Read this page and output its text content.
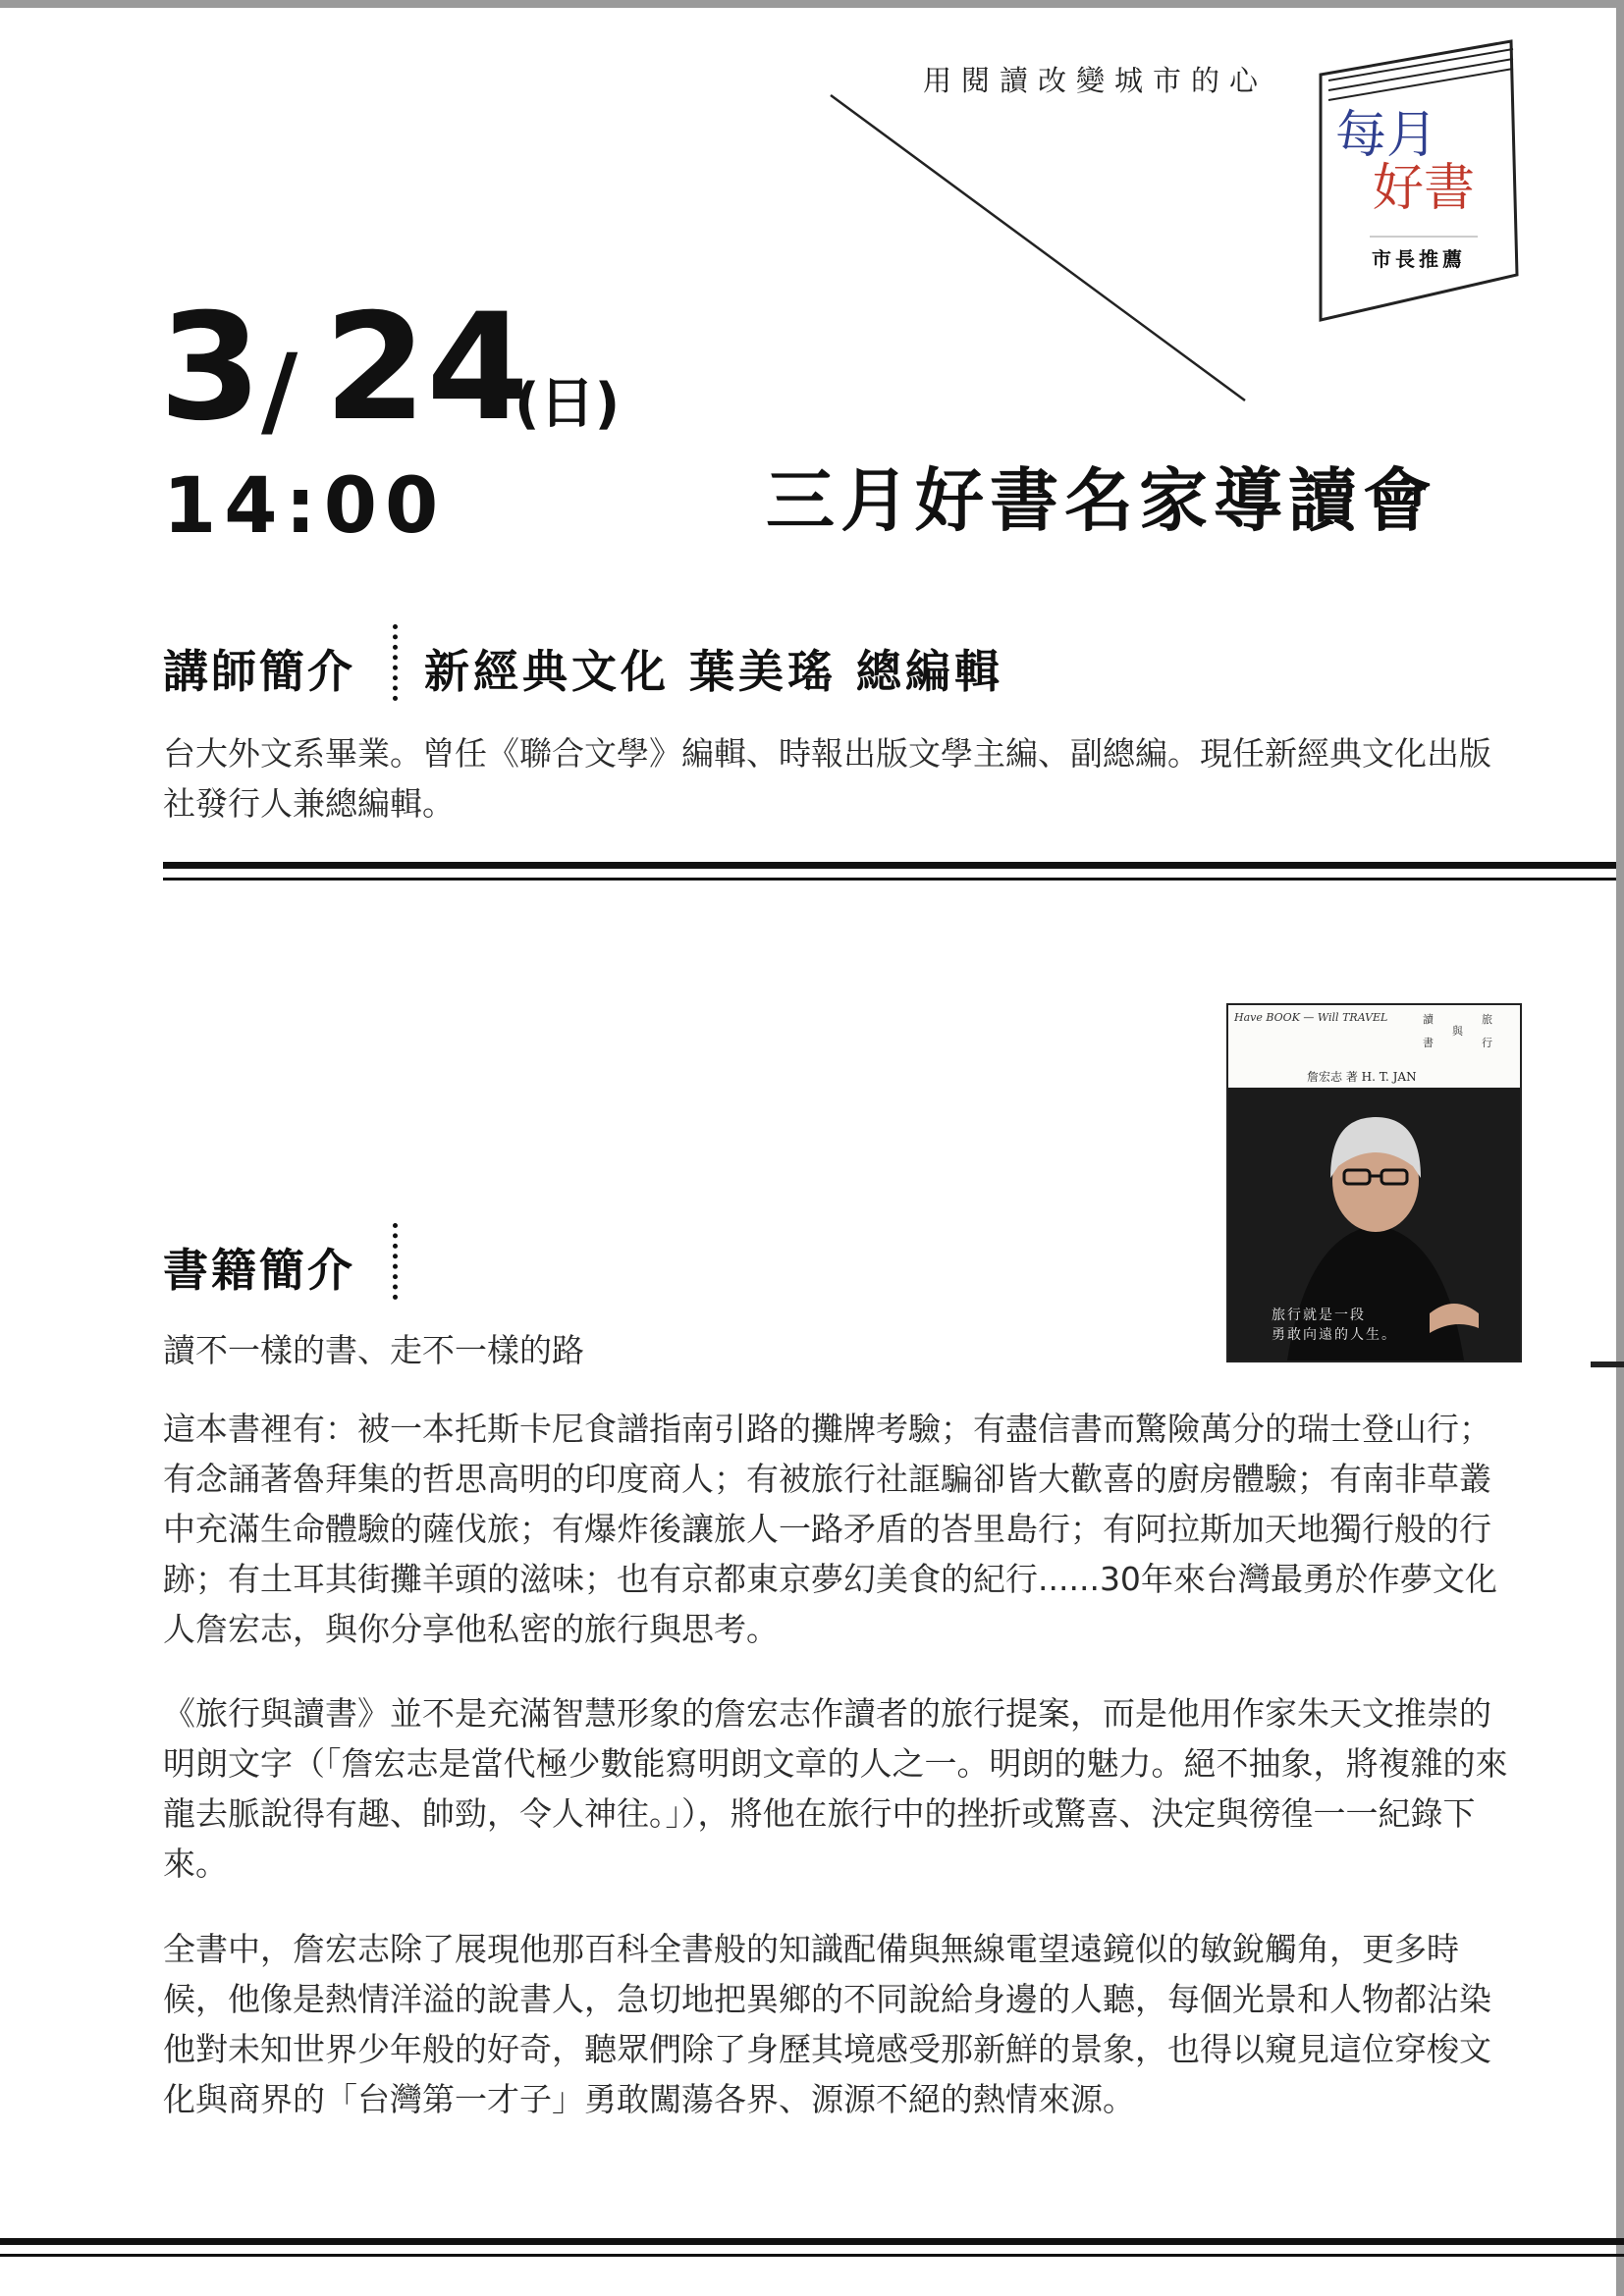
用閱讀改變城市的心
每月
好書
市長推薦
3 / 24
(日)
14:00	三月好書名家導讀會
講師簡介 新經典文化 葉美瑤 總編輯

台大外文系畢業。曾任《聯合文學》編輯、時報出版文學主編、副總編。現任新經典文化出版社發行人兼總編輯。

Have BOOK — Will TRAVEL	讀
書
旅
行
與
詹宏志 著 H. T. JAN
旅行就是一段
勇敢向遠的人生。
書籍簡介

讀不一樣的書、走不一樣的路

這本書裡有：被一本托斯卡尼食譜指南引路的攤牌考驗；有盡信書而驚險萬分的瑞士登山行；有念誦著魯拜集的哲思高明的印度商人；有被旅行社誆騙卻皆大歡喜的廚房體驗；有南非草叢中充滿生命體驗的薩伐旅；有爆炸後讓旅人一路矛盾的峇里島行；有阿拉斯加天地獨行般的行跡；有土耳其街攤羊頭的滋味；也有京都東京夢幻美食的紀行......30年來台灣最勇於作夢文化人詹宏志，與你分享他私密的旅行與思考。

《旅行與讀書》並不是充滿智慧形象的詹宏志作讀者的旅行提案，而是他用作家朱天文推崇的明朗文字（「詹宏志是當代極少數能寫明朗文章的人之一。明朗的魅力。絕不抽象，將複雜的來龍去脈說得有趣、帥勁，令人神往。」），將他在旅行中的挫折或驚喜、決定與徬徨一一紀錄下來。

全書中，詹宏志除了展現他那百科全書般的知識配備與無線電望遠鏡似的敏銳觸角，更多時候，他像是熱情洋溢的說書人，急切地把異鄉的不同說給身邊的人聽，每個光景和人物都沾染他對未知世界少年般的好奇，聽眾們除了身歷其境感受那新鮮的景象，也得以窺見這位穿梭文化與商界的「台灣第一才子」勇敢闖蕩各界、源源不絕的熱情來源。
